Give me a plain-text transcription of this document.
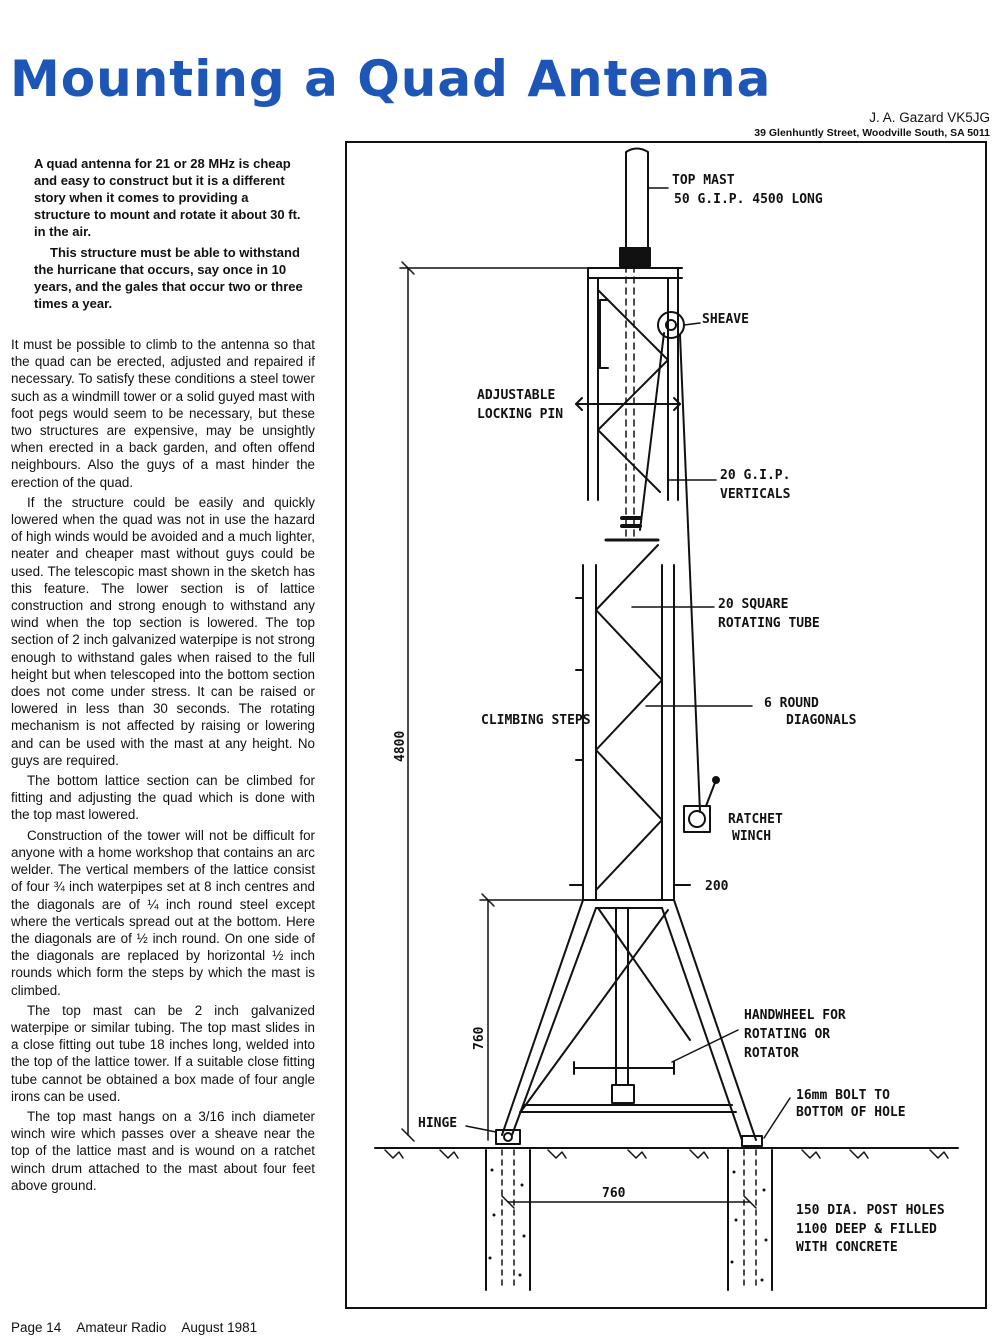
Mounting a Quad Antenna
J. A. Gazard VK5JG
39 Glenhuntly Street, Woodville South, SA 5011

A quad antenna for 21 or 28 MHz is cheap and easy to construct but it is a different story when it comes to providing a structure to mount and rotate it about 30 ft. in the air.

This structure must be able to withstand the hurricane that occurs, say once in 10 years, and the gales that occur two or three times a year.

It must be possible to climb to the antenna so that the quad can be erected, adjusted and repaired if necessary. To satisfy these conditions a steel tower such as a windmill tower or a solid guyed mast with foot pegs would seem to be necessary, but these two structures are expensive, may be unsightly when erected in a back garden, and often offend neighbours. Also the guys of a mast hinder the erection of the quad.

If the structure could be easily and quickly lowered when the quad was not in use the hazard of high winds would be avoided and a much lighter, neater and cheaper mast without guys could be used. The telescopic mast shown in the sketch has this feature. The lower section is of lattice construction and strong enough to withstand any wind when the top section is lowered. The top section of 2 inch galvanized waterpipe is not strong enough to withstand gales when raised to the full height but when telescoped into the bottom section does not come under stress. It can be raised or lowered in less than 30 seconds. The rotating mechanism is not affected by raising or lowering and can be used with the mast at any height. No guys are required.

The bottom lattice section can be climbed for fitting and adjusting the quad which is done with the top mast lowered.

Construction of the tower will not be difficult for anyone with a home workshop that contains an arc welder. The vertical members of the lattice consist of four ¾ inch waterpipes set at 8 inch centres and the diagonals are of ¼ inch round steel except where the verticals spread out at the bottom. Here the diagonals are of ½ inch round. On one side of the diagonals are replaced by horizontal ½ inch rounds which form the steps by which the mast is climbed.

The top mast can be 2 inch galvanized waterpipe or similar tubing. The top mast slides in a close fitting out tube 18 inches long, welded into the top of the lattice tower. If a suitable close fitting tube cannot be obtained a box made of four angle irons can be used.

The top mast hangs on a 3/16 inch diameter winch wire which passes over a sheave near the top of the lattice mast and is wound on a ratchet winch drum attached to the mast about four feet above ground.

Page 14 Amateur Radio August 1981
TOP MAST
50 G.I.P. 4500 LONG
SHEAVE
ADJUSTABLE
LOCKING PIN
20 G.I.P.
VERTICALS
20 SQUARE
ROTATING TUBE
6 ROUND
DIAGONALS
CLIMBING STEPS
RATCHET
WINCH
200
4800
760
760
HANDWHEEL FOR
ROTATING OR
ROTATOR
16mm BOLT TO
BOTTOM OF HOLE
HINGE
150 DIA. POST HOLES
1100 DEEP & FILLED
WITH CONCRETE
